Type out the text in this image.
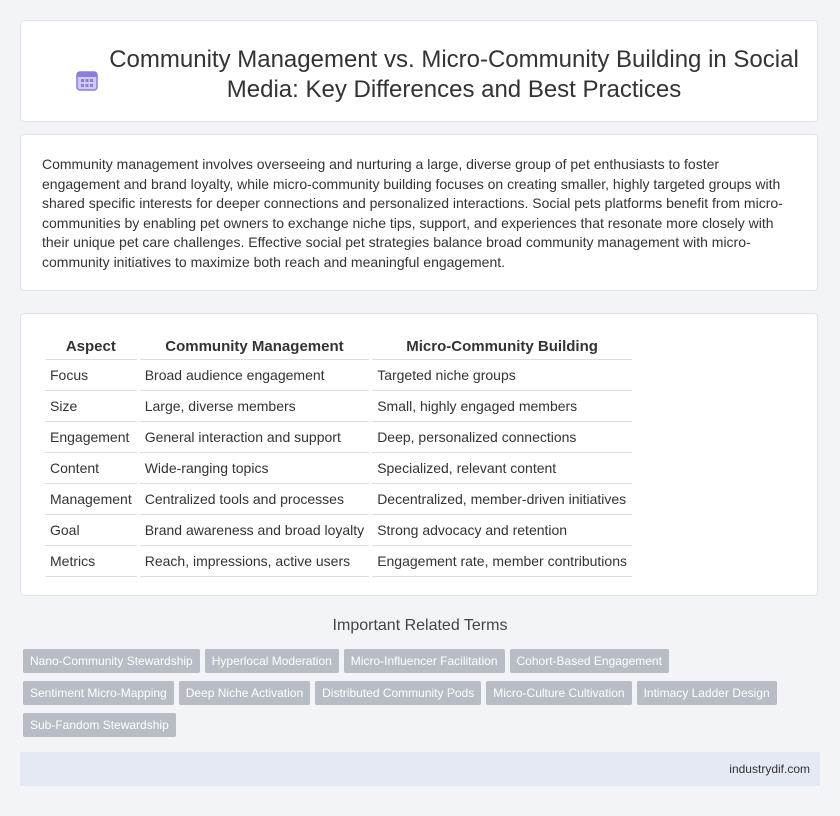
Community Management vs. Micro-Community Building in Social Media: Key Differences and Best Practices
Community management involves overseeing and nurturing a large, diverse group of pet enthusiasts to foster engagement and brand loyalty, while micro-community building focuses on creating smaller, highly targeted groups with shared specific interests for deeper connections and personalized interactions. Social pets platforms benefit from micro-communities by enabling pet owners to exchange niche tips, support, and experiences that resonate more closely with their unique pet care challenges. Effective social pet strategies balance broad community management with micro-community initiatives to maximize both reach and meaningful engagement.
Aspect	Community Management	Micro-Community Building
Focus	Broad audience engagement	Targeted niche groups
Size	Large, diverse members	Small, highly engaged members
Engagement	General interaction and support	Deep, personalized connections
Content	Wide-ranging topics	Specialized, relevant content
Management	Centralized tools and processes	Decentralized, member-driven initiatives
Goal	Brand awareness and broad loyalty	Strong advocacy and retention
Metrics	Reach, impressions, active users	Engagement rate, member contributions
Important Related Terms
Nano-Community Stewardship Hyperlocal Moderation Micro-Influencer Facilitation Cohort-Based EngagementSentiment Micro-Mapping Deep Niche Activation Distributed Community Pods Micro-Culture Cultivation Intimacy Ladder DesignSub-Fandom Stewardship
industrydif.com
